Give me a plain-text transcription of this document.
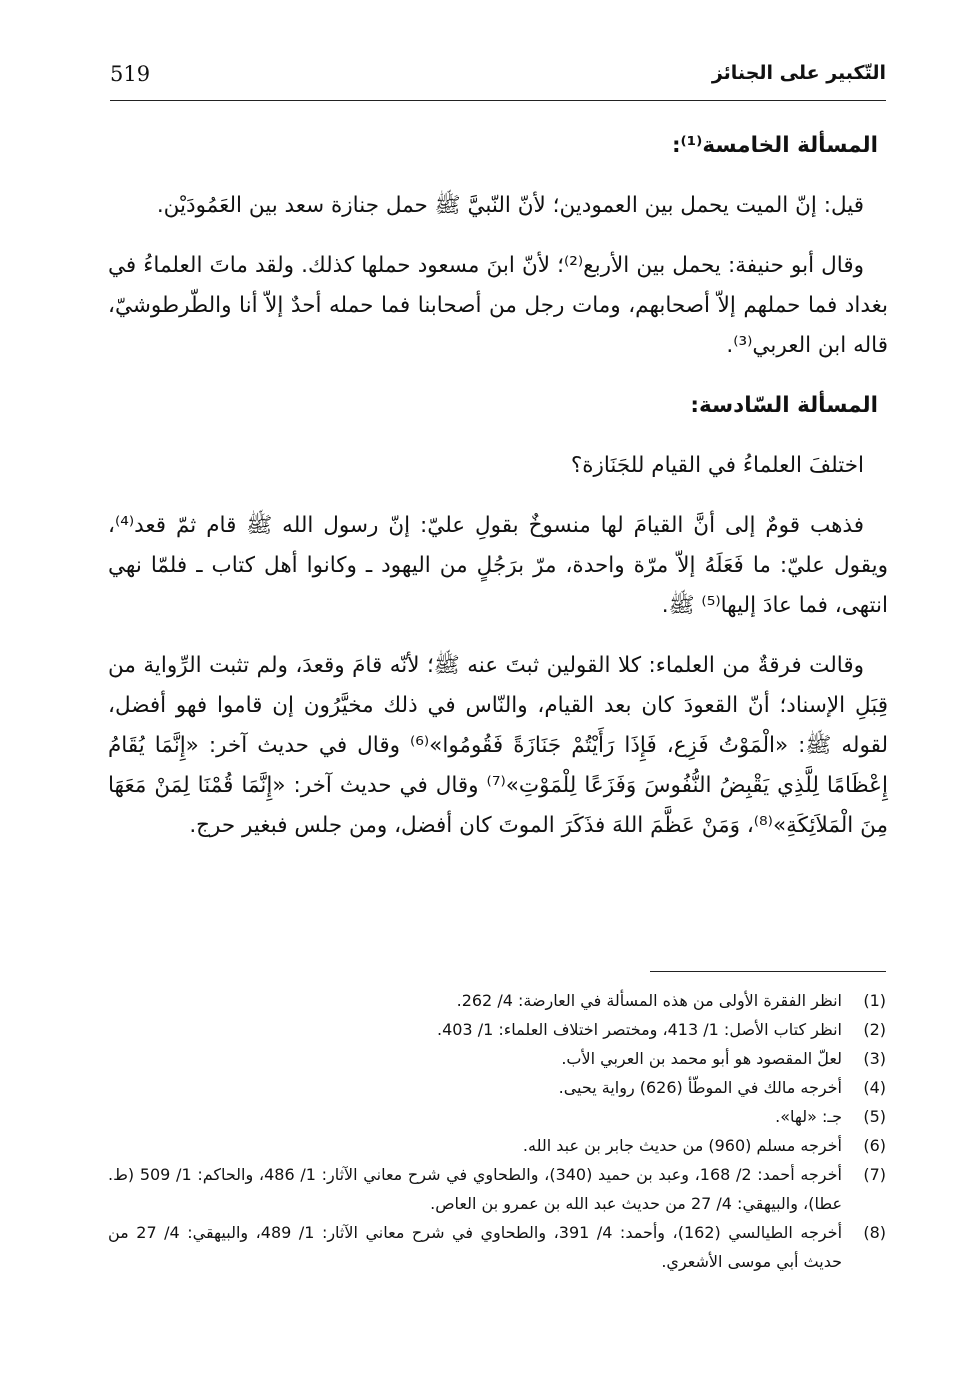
519	التّكبير على الجنائز
المسألة الخامسة⁽¹⁾:

قيل: إنّ الميت يحمل بين العمودين؛ لأنّ النّبيَّ ﷺ حمل جنازة سعد بين العَمُودَيْن.

وقال أبو حنيفة: يحمل بين الأربع⁽²⁾؛ لأنّ ابنَ مسعود حملها كذلك. ولقد ماتَ العلماءُ في بغداد فما حملهم إلاّ أصحابهم، ومات رجل من أصحابنا فما حمله أحدٌ إلاّ أنا والطّرطوشيّ، قاله ابن العربي⁽³⁾.

المسألة السّادسة:

اختلفَ العلماءُ في القيام للجَنَازة؟

فذهب قومٌ إلى أنَّ القيامَ لها منسوخٌ بقولِ عليّ: إنّ رسول الله ﷺ قام ثمّ قعد⁽⁴⁾، ويقول عليّ: ما فَعَلَهُ إلاّ مرّة واحدة، مرّ برَجُلٍ من اليهود ـ وكانوا أهل كتاب ـ فلمّا نهي انتهى، فما عادَ إليها⁽⁵⁾ ﷺ.

وقالت فرقةٌ من العلماء: كلا القولين ثبتَ عنه ﷺ؛ لأنّه قامَ وقعدَ، ولم تثبت الرِّواية من قِبَلِ الإسناد؛ أنّ القعودَ كان بعد القيام، والنّاس في ذلك مخيَّرُون إن قاموا فهو أفضل، لقوله ﷺ: «الْمَوْتُ فَزِع، فَإِذَا رَأَيْتُمْ جَنَازَةً فَقُومُوا»⁽⁶⁾ وقال في حديث آخر: «إِنَّمَا يُقَامُ إِعْظَامًا لِلَّذِي يَقْبِضُ النُّفُوسَ وَفَزَعًا لِلْمَوْتِ»⁽⁷⁾ وقال في حديث آخر: «إِنَّمَا قُمْنَا لِمَنْ مَعَهَا مِنَ الْمَلاَئِكَةِ»⁽⁸⁾، وَمَنْ عَظَّمَ اللهَ فذَكَرَ الموتَ كان أفضل، ومن جلس فبغير حرج.

(1)
انظر الفقرة الأولى من هذه المسألة في العارضة: 4/ 262.
(2)
انظر كتاب الأصل: 1/ 413، ومختصر اختلاف العلماء: 1/ 403.
(3)
لعلّ المقصود هو أبو محمد بن العربي الأب.
(4)
أخرجه مالك في الموطّأ (626) رواية يحيى.
(5)
جـ: «لها».
(6)
أخرجه مسلم (960) من حديث جابر بن عبد الله.
(7)
أخرجه أحمد: 2/ 168، وعبد بن حميد (340)، والطحاوي في شرح معاني الآثار: 1/ 486، والحاكم: 1/ 509 (ط. عطا)، والبيهقي: 4/ 27 من حديث عبد الله بن عمرو بن العاص.
(8)
أخرجه الطيالسي (162)، وأحمد: 4/ 391، والطحاوي في شرح معاني الآثار: 1/ 489، والبيهقي: 4/ 27 من حديث أبي موسى الأشعري.
